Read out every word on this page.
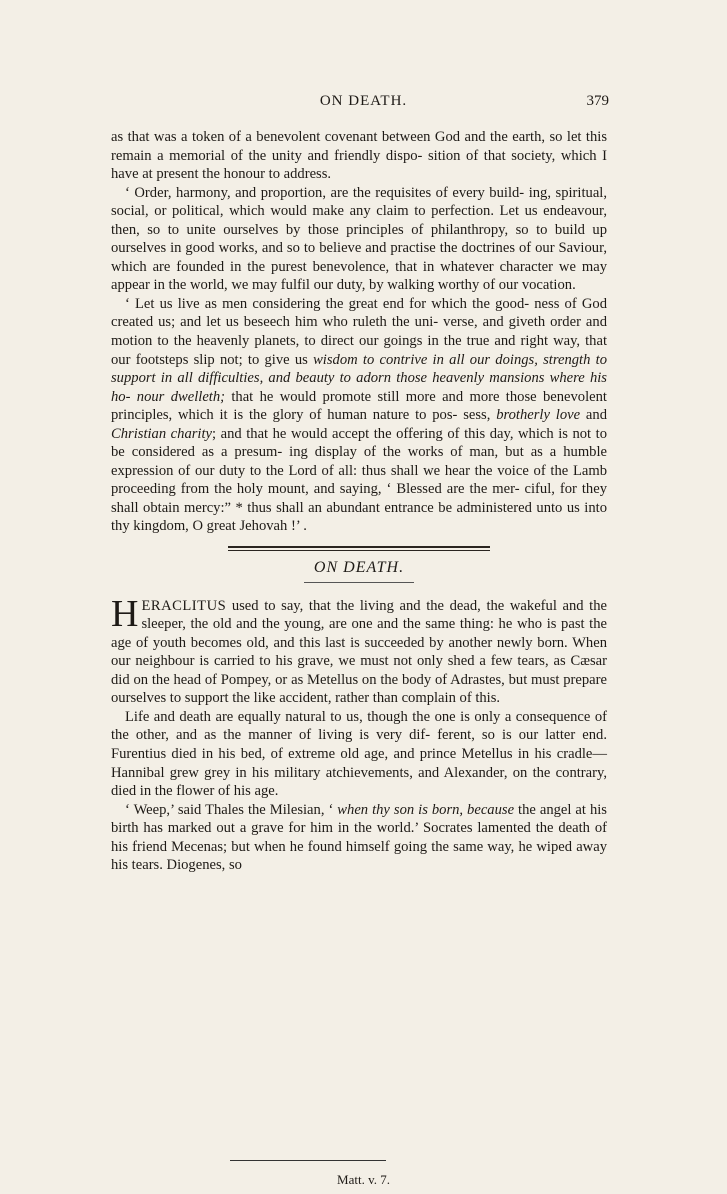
ON DEATH.	379

as that was a token of a benevolent covenant between God and the earth, so let this remain a memorial of the unity and friendly dispo- sition of that society, which I have at present the honour to address.

‘ Order, harmony, and proportion, are the requisites of every build- ing, spiritual, social, or political, which would make any claim to perfection. Let us endeavour, then, so to unite ourselves by those principles of philanthropy, so to build up ourselves in good works, and so to believe and practise the doctrines of our Saviour, which are founded in the purest benevolence, that in whatever character we may appear in the world, we may fulfil our duty, by walking worthy of our vocation.

‘ Let us live as men considering the great end for which the good- ness of God created us; and let us beseech him who ruleth the uni- verse, and giveth order and motion to the heavenly planets, to direct our goings in the true and right way, that our footsteps slip not; to give us wisdom to contrive in all our doings, strength to support in all difficulties, and beauty to adorn those heavenly mansions where his ho- nour dwelleth; that he would promote still more and more those benevolent principles, which it is the glory of human nature to pos- sess, brotherly love and Christian charity; and that he would accept the offering of this day, which is not to be considered as a presum- ing display of the works of man, but as a humble expression of our duty to the Lord of all: thus shall we hear the voice of the Lamb proceeding from the holy mount, and saying, ‘ Blessed are the mer- ciful, for they shall obtain mercy:” * thus shall an abundant entrance be administered unto us into thy kingdom, O great Jehovah !’ .

ON DEATH.

HERACLITUS used to say, that the living and the dead, the wakeful and the sleeper, the old and the young, are one and the same thing: he who is past the age of youth becomes old, and this last is succeeded by another newly born. When our neighbour is carried to his grave, we must not only shed a few tears, as Cæsar did on the head of Pompey, or as Metellus on the body of Adrastes, but must prepare ourselves to support the like accident, rather than complain of this.

Life and death are equally natural to us, though the one is only a consequence of the other, and as the manner of living is very dif- ferent, so is our latter end. Furentius died in his bed, of extreme old age, and prince Metellus in his cradle—Hannibal grew grey in his military atchievements, and Alexander, on the contrary, died in the flower of his age.

‘ Weep,’ said Thales the Milesian, ‘ when thy son is born, because the angel at his birth has marked out a grave for him in the world.’ Socrates lamented the death of his friend Mecenas; but when he found himself going the same way, he wiped away his tears. Diogenes, so

Matt. v. 7.
